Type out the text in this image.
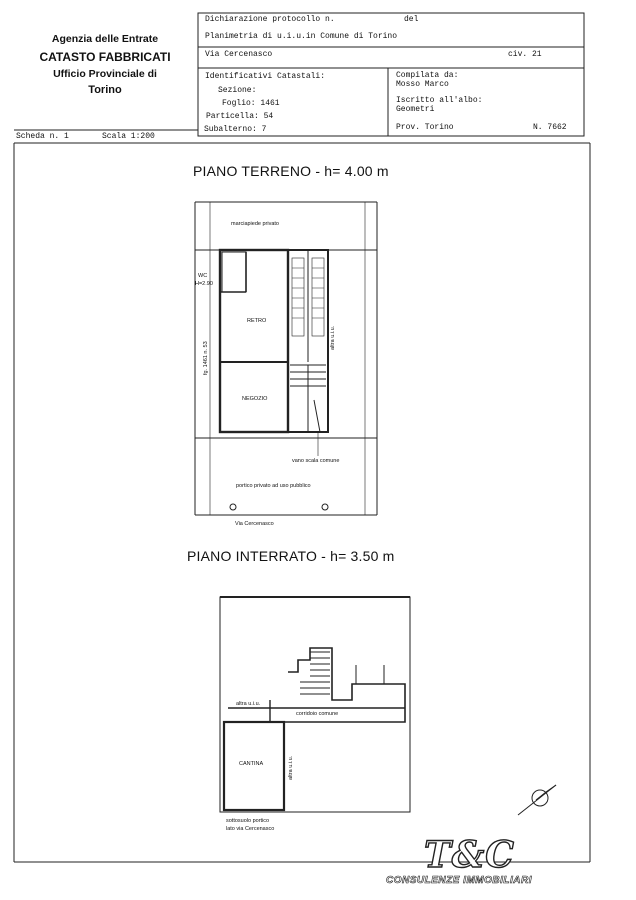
Agenzia delle Entrate
CATASTO FABBRICATI
Ufficio Provinciale di
Torino
Dichiarazione protocollo n.	del
Planimetria di u.i.u.in Comune di Torino
Via Cercenasco	civ. 21
Identificativi Catastali:
Sezione:
Foglio: 1461
Particella: 54
Subalterno: 7
Compilata da:
Mosso Marco
Iscritto all'albo:
Geometri
Prov. Torino	N. 7662
Scheda n. 1	Scala 1:200
PIANO TERRENO - h= 4.00 m
marciapiede privato
WC
H=2.90
RETRO
NEGOZIO
altra u.i.u.
fg. 1461 n. 53
vano scala comune
portico privato ad uso pubblico
Via Cercenasco
PIANO INTERRATO - h= 3.50 m
altra u.i.u.
corridoio comune
CANTINA	altra u.i.u.
sottosuolo portico
lato via Cercenasco
T&C
CONSULENZE IMMOBILIARI
